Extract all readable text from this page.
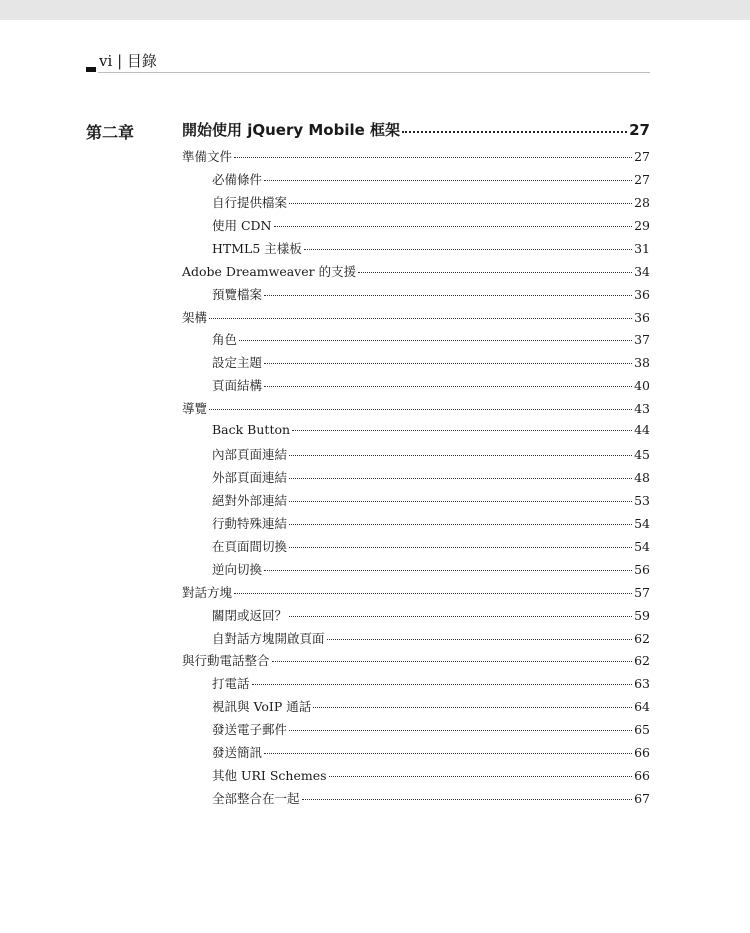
vi | 目錄
第二章	開始使用 jQuery Mobile 框架	27
準備文件	27
必備條件	27
自行提供檔案	28
使用 CDN	29
HTML5 主樣板	31
Adobe Dreamweaver 的支援	34
預覽檔案	36
架構	36
角色	37
設定主題	38
頁面結構	40
導覽	43
Back Button	44
內部頁面連結	45
外部頁面連結	48
絕對外部連結	53
行動特殊連結	54
在頁面間切換	54
逆向切換	56
對話方塊	57
關閉或返回？	59
自對話方塊開啟頁面	62
與行動電話整合	62
打電話	63
視訊與 VoIP 通話	64
發送電子郵件	65
發送簡訊	66
其他 URI Schemes	66
全部整合在一起	67
